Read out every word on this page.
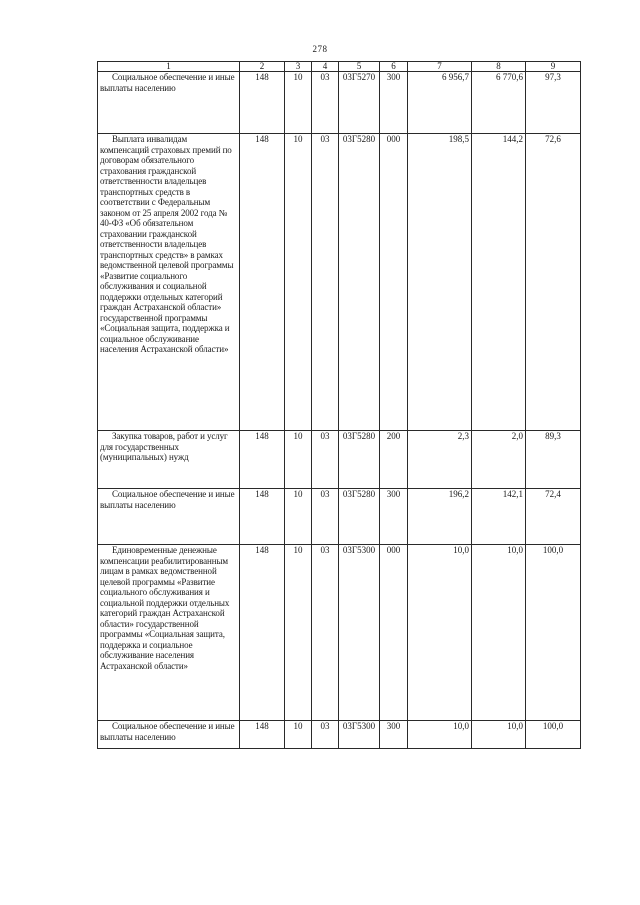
278
1	2	3	4	5	6	7	8	9
Социальное обеспечение и иные выплаты населению	148	10	03	03Г5270	300	6 956,7	6 770,6	97,3
Выплата инвалидам компенсаций страховых премий по договорам обязательного страхования гражданской ответственности владельцев транспортных средств в соответствии с Федеральным законом от 25 апреля 2002 года № 40-ФЗ «Об обязательном страховании гражданской ответственности владельцев транспортных средств» в рамках ведомственной целевой программы «Развитие социального обслуживания и социальной поддержки отдельных категорий граждан Астраханской области» государственной программы «Социальная защита, поддержка и социальное обслуживание населения Астраханской области»	148	10	03	03Г5280	000	198,5	144,2	72,6
Закупка товаров, работ и услуг для государственных (муниципальных) нужд	148	10	03	03Г5280	200	2,3	2,0	89,3
Социальное обеспечение и иные выплаты населению	148	10	03	03Г5280	300	196,2	142,1	72,4
Единовременные денежные компенсации реабилитированным лицам в рамках ведомственной целевой программы «Развитие социального обслуживания и социальной поддержки отдельных категорий граждан Астраханской области» государственной программы «Социальная защита, поддержка и социальное обслуживание населения Астраханской области»	148	10	03	03Г5300	000	10,0	10,0	100,0
Социальное обеспечение и иные выплаты населению	148	10	03	03Г5300	300	10,0	10,0	100,0
